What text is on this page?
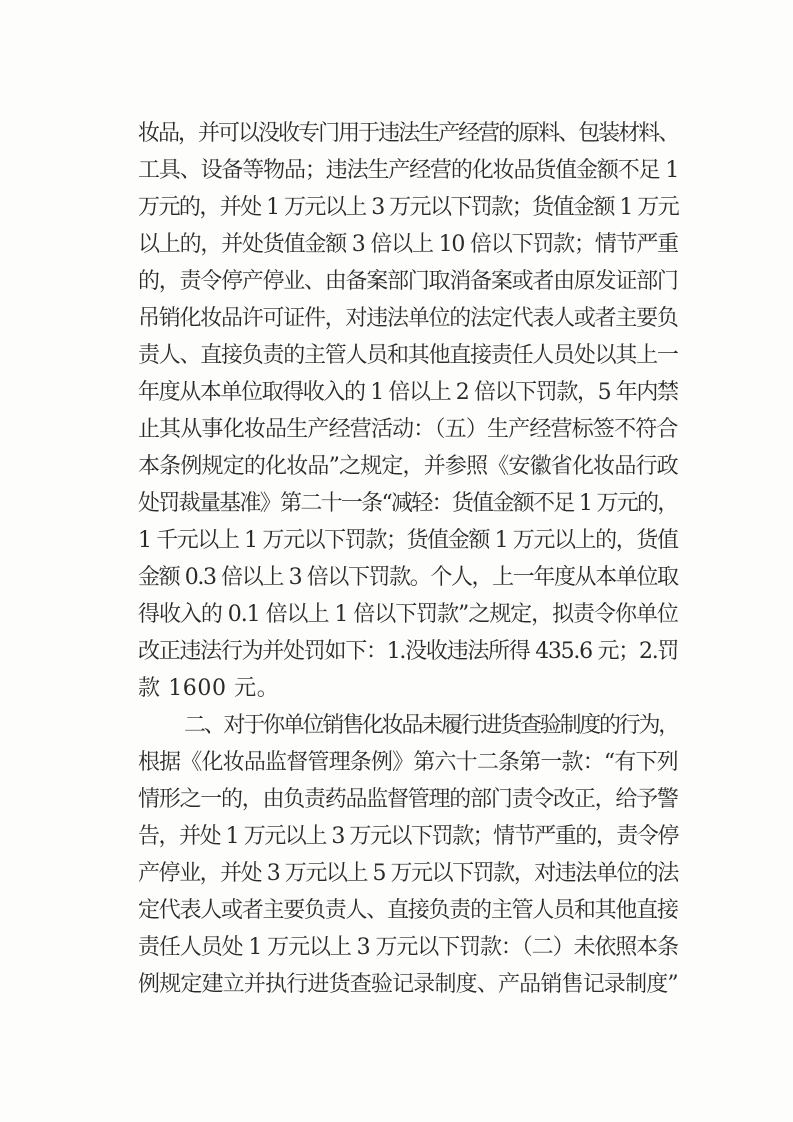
妆品，并可以没收专门用于违法生产经营的原料、包装材料、
工具、设备等物品；违法生产经营的化妆品货值金额不足 1
万元的，并处 1 万元以上 3 万元以下罚款；货值金额 1 万元
以上的，并处货值金额 3 倍以上 10 倍以下罚款；情节严重
的，责令停产停业、由备案部门取消备案或者由原发证部门
吊销化妆品许可证件，对违法单位的法定代表人或者主要负
责人、直接负责的主管人员和其他直接责任人员处以其上一
年度从本单位取得收入的 1 倍以上 2 倍以下罚款，5 年内禁
止其从事化妆品生产经营活动：（五）生产经营标签不符合
本条例规定的化妆品”之规定，并参照《安徽省化妆品行政
处罚裁量基准》第二十一条“减轻：货值金额不足 1 万元的，
1 千元以上 1 万元以下罚款；货值金额 1 万元以上的，货值
金额 0.3 倍以上 3 倍以下罚款。个人，上一年度从本单位取
得收入的 0.1 倍以上 1 倍以下罚款”之规定，拟责令你单位
改正违法行为并处罚如下：1.没收违法所得 435.6 元；2.罚
款 1600 元。
二、对于你单位销售化妆品未履行进货查验制度的行为，
根据《化妆品监督管理条例》第六十二条第一款：“有下列
情形之一的，由负责药品监督管理的部门责令改正，给予警
告，并处 1 万元以上 3 万元以下罚款；情节严重的，责令停
产停业，并处 3 万元以上 5 万元以下罚款，对违法单位的法
定代表人或者主要负责人、直接负责的主管人员和其他直接
责任人员处 1 万元以上 3 万元以下罚款：（二）未依照本条
例规定建立并执行进货查验记录制度、产品销售记录制度”
